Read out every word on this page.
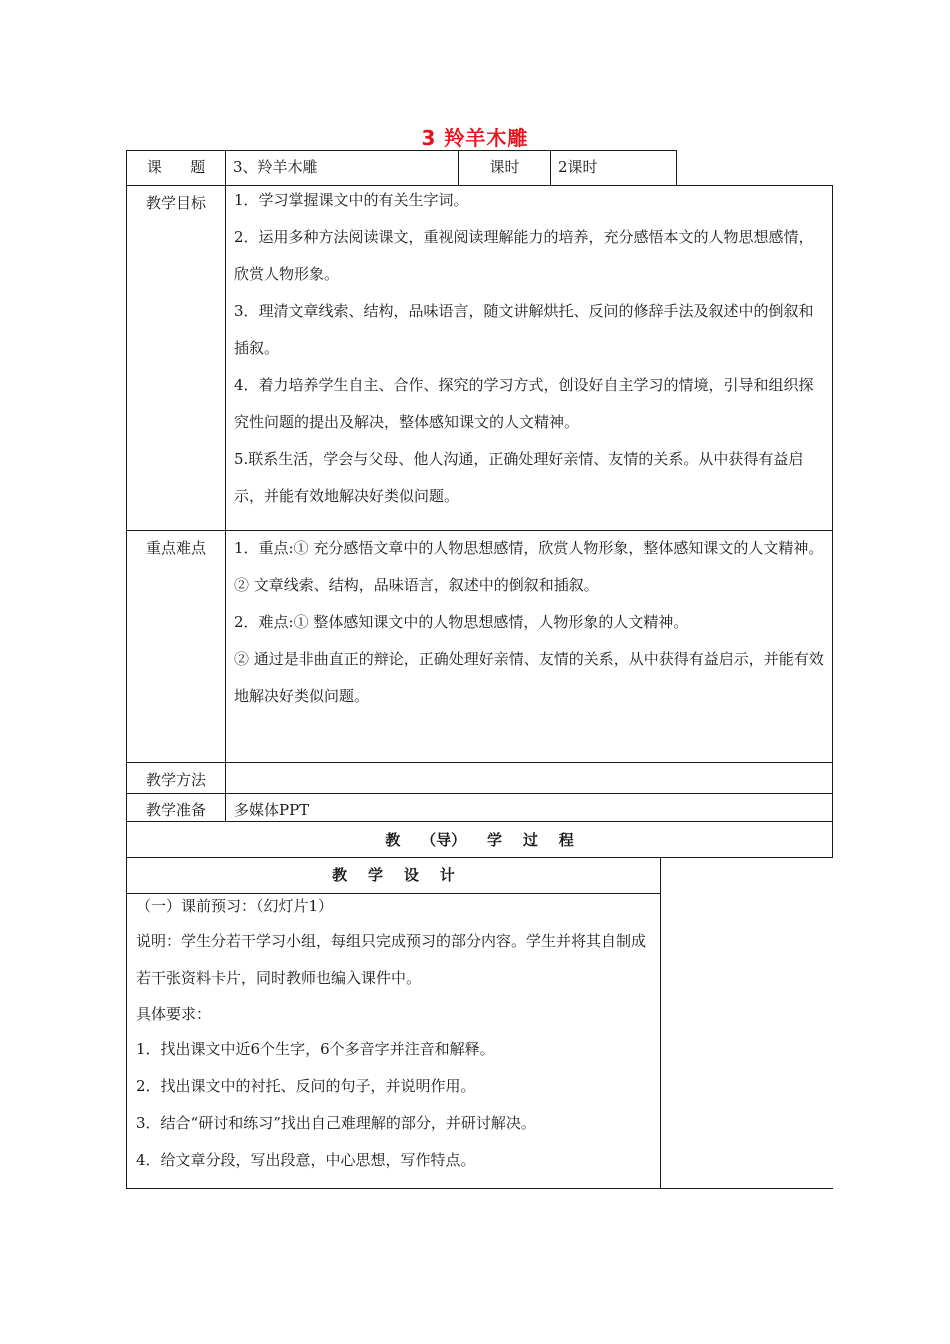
3 羚羊木雕
课      题	3、羚羊木雕	课时	2课时
教学目标	1．学习掌握课文中的有关生字词。

2．运用多种方法阅读课文，重视阅读理解能力的培养，充分感悟本文的人物思想感情，欣赏人物形象。

3．理清文章线索、结构，品味语言，随文讲解烘托、反问的修辞手法及叙述中的倒叙和插叙。

4．着力培养学生自主、合作、探究的学习方式，创设好自主学习的情境，引导和组织探究性问题的提出及解决，整体感知课文的人文精神。

5.联系生活，学会与父母、他人沟通，正确处理好亲情、友情的关系。从中获得有益启示，并能有效地解决好类似问题。

重点难点	1．重点:① 充分感悟文章中的人物思想感情，欣赏人物形象，整体感知课文的人文精神。

② 文章线索、结构，品味语言，叙述中的倒叙和插叙。

2．难点:① 整体感知课文中的人物思想感情，人物形象的人文精神。

② 通过是非曲直正的辩论，正确处理好亲情、友情的关系，从中获得有益启示，并能有效地解决好类似问题。

教学方法
教学准备	多媒体PPT
教    （导）    学    过    程
教    学    设    计

（一）课前预习：（幻灯片1）

说明：学生分若干学习小组，每组只完成预习的部分内容。学生并将其自制成若干张资料卡片，同时教师也编入课件中。

具体要求：

1．找出课文中近6个生字，6个多音字并注音和解释。

2．找出课文中的衬托、反问的句子，并说明作用。

3．结合“研讨和练习”找出自己难理解的部分，并研讨解决。

4．给文章分段，写出段意，中心思想，写作特点。
